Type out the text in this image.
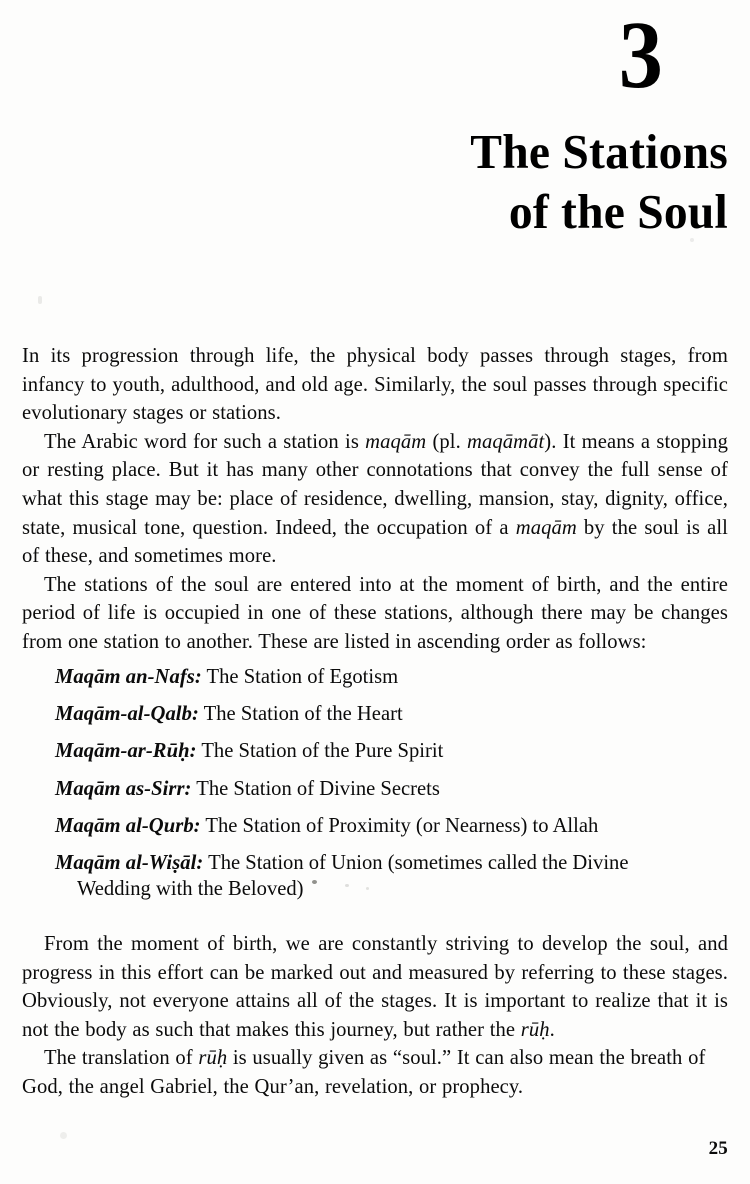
3
The Stations
of the Soul

In its progression through life, the physical body passes through stages, from infancy to youth, adulthood, and old age. Similarly, the soul passes through specific evolutionary stages or stations.

The Arabic word for such a station is maqām (pl. maqāmāt). It means a stopping or resting place. But it has many other connotations that convey the full sense of what this stage may be: place of residence, dwelling, mansion, stay, dignity, office, state, musical tone, question. Indeed, the occupation of a maqām by the soul is all of these, and sometimes more.

The stations of the soul are entered into at the moment of birth, and the entire period of life is occupied in one of these stations, although there may be changes from one station to another. These are listed in ascending order as follows:

Maqām an-Nafs: The Station of Egotism
Maqām-al-Qalb: The Station of the Heart
Maqām-ar-Rūḥ: The Station of the Pure Spirit
Maqām as-Sirr: The Station of Divine Secrets
Maqām al-Qurb: The Station of Proximity (or Nearness) to Allah
Maqām al-Wiṣāl: The Station of Union (sometimes called the Divine
Wedding with the Beloved)

From the moment of birth, we are constantly striving to develop the soul, and progress in this effort can be marked out and measured by referring to these stages. Obviously, not everyone attains all of the stages. It is important to realize that it is not the body as such that makes this journey, but rather the rūḥ.

The translation of rūḥ is usually given as “soul.” It can also mean the breath of God, the angel Gabriel, the Qur’an, revelation, or prophecy.

25
